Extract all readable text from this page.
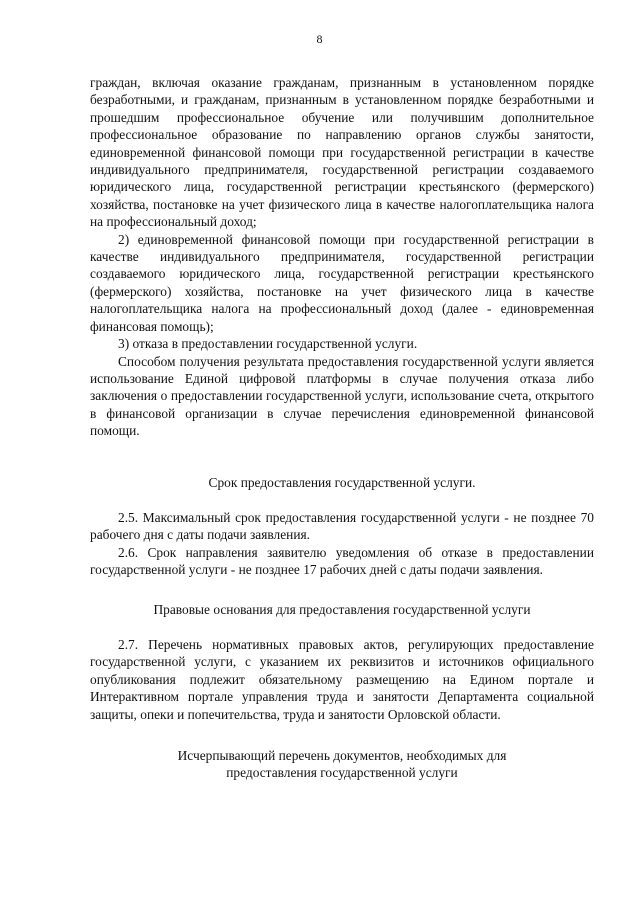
8

граждан, включая оказание гражданам, признанным в установленном порядке безработными, и гражданам, признанным в установленном порядке безработными и прошедшим профессиональное обучение или получившим дополнительное профессиональное образование по направлению органов службы занятости, единовременной финансовой помощи при государственной регистрации в качестве индивидуального предпринимателя, государственной регистрации создаваемого юридического лица, государственной регистрации крестьянского (фермерского) хозяйства, постановке на учет физического лица в качестве налогоплательщика налога на профессиональный доход;

2) единовременной финансовой помощи при государственной регистрации в качестве индивидуального предпринимателя, государственной регистрации создаваемого юридического лица, государственной регистрации крестьянского (фермерского) хозяйства, постановке на учет физического лица в качестве налогоплательщика налога на профессиональный доход (далее - единовременная финансовая помощь);

3) отказа в предоставлении государственной услуги.

Способом получения результата предоставления государственной услуги является использование Единой цифровой платформы в случае получения отказа либо заключения о предоставлении государственной услуги, использование счета, открытого в финансовой организации в случае перечисления единовременной финансовой помощи.

Срок предоставления государственной услуги.

2.5. Максимальный срок предоставления государственной услуги - не позднее 70 рабочего дня с даты подачи заявления.

2.6. Срок направления заявителю уведомления об отказе в предоставлении государственной услуги - не позднее 17 рабочих дней с даты подачи заявления.

Правовые основания для предоставления государственной услуги

2.7. Перечень нормативных правовых актов, регулирующих предоставление государственной услуги, с указанием их реквизитов и источников официального опубликования подлежит обязательному размещению на Едином портале и Интерактивном портале управления труда и занятости Департамента социальной защиты, опеки и попечительства, труда и занятости Орловской области.

Исчерпывающий перечень документов, необходимых для
предоставления государственной услуги
